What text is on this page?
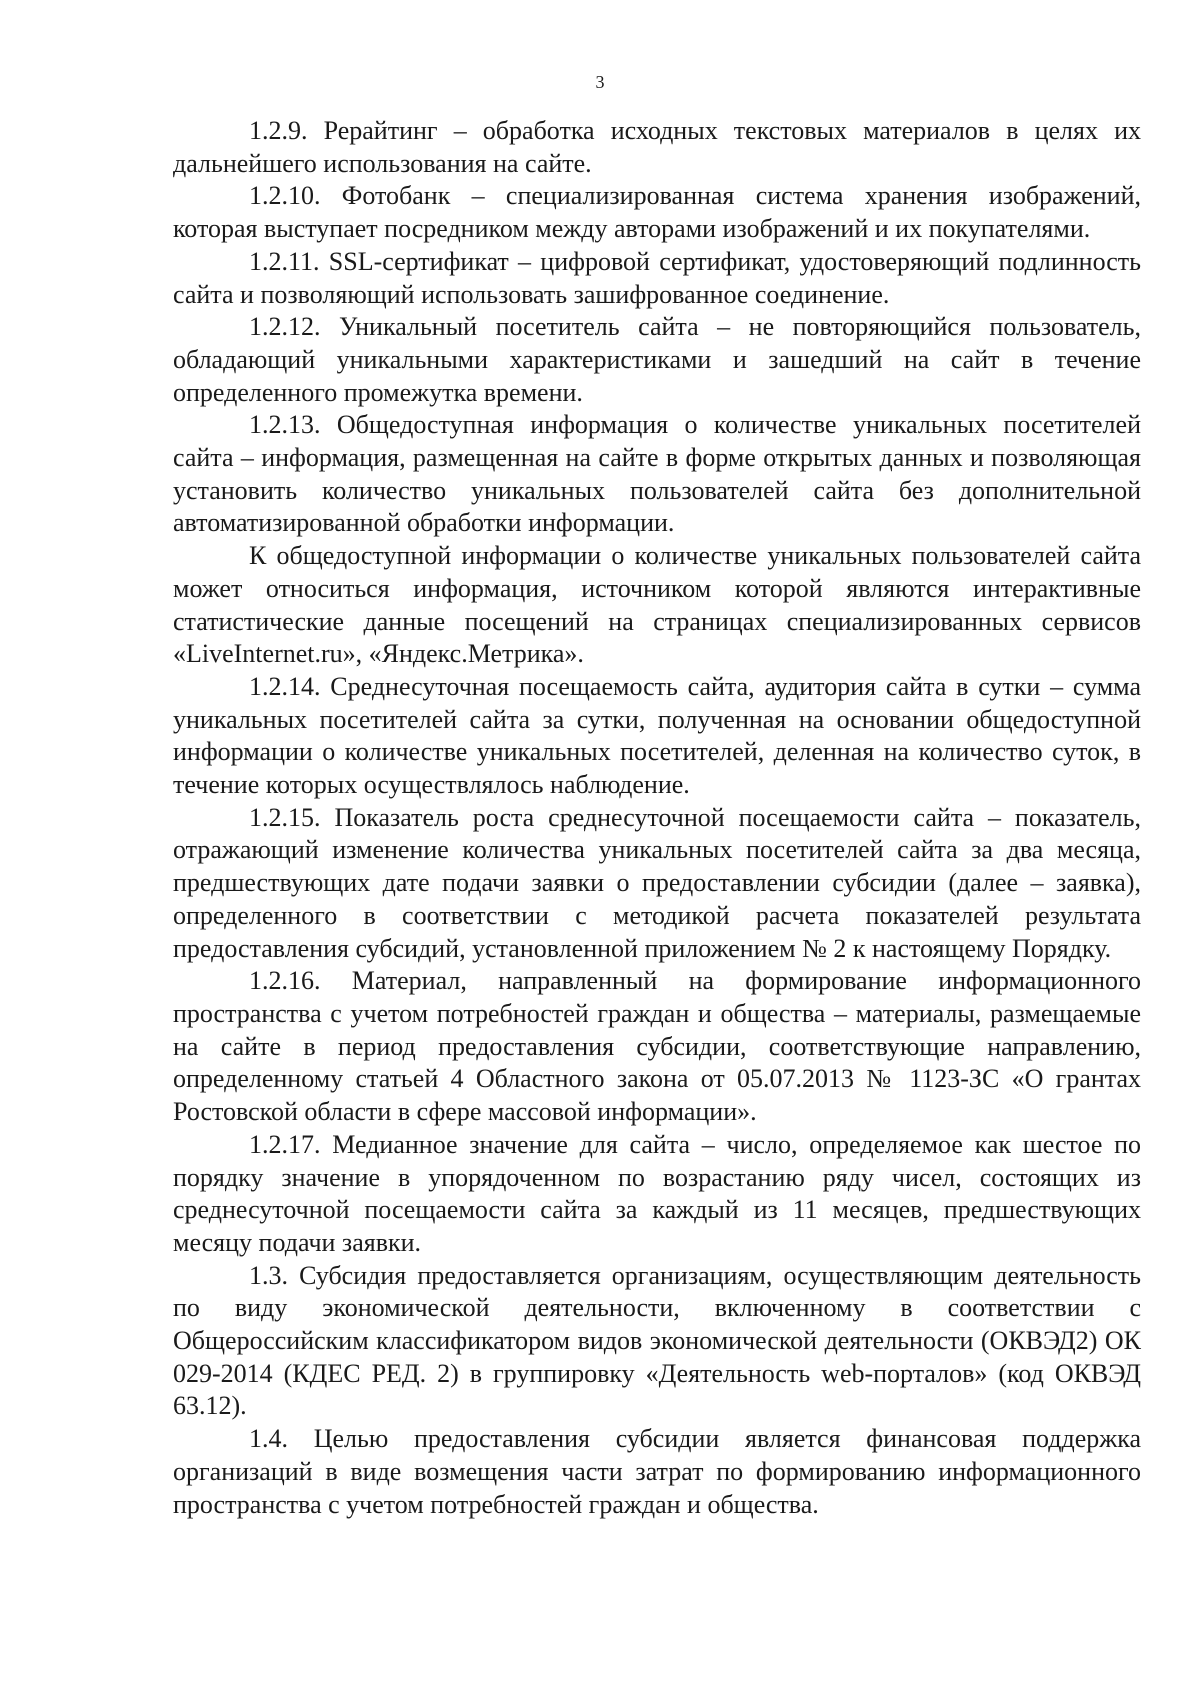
3

1.2.9. Рерайтинг – обработка исходных текстовых материалов в целях их дальнейшего использования на сайте.

1.2.10. Фотобанк – специализированная система хранения изображений, которая выступает посредником между авторами изображений и их покупателями.

1.2.11. SSL-сертификат – цифровой сертификат, удостоверяющий подлинность сайта и позволяющий использовать зашифрованное соединение.

1.2.12. Уникальный посетитель сайта – не повторяющийся пользователь, обладающий уникальными характеристиками и зашедший на сайт в течение определенного промежутка времени.

1.2.13. Общедоступная информация о количестве уникальных посетителей сайта – информация, размещенная на сайте в форме открытых данных и позволяющая установить количество уникальных пользователей сайта без дополнительной автоматизированной обработки информации.

К общедоступной информации о количестве уникальных пользователей сайта может относиться информация, источником которой являются интерактивные статистические данные посещений на страницах специализированных сервисов «LiveInternet.ru», «Яндекс.Метрика».

1.2.14. Среднесуточная посещаемость сайта, аудитория сайта в сутки – сумма уникальных посетителей сайта за сутки, полученная на основании общедоступной информации о количестве уникальных посетителей, деленная на количество суток, в течение которых осуществлялось наблюдение.

1.2.15. Показатель роста среднесуточной посещаемости сайта – показатель, отражающий изменение количества уникальных посетителей сайта за два месяца, предшествующих дате подачи заявки о предоставлении субсидии (далее – заявка), определенного в соответствии с методикой расчета показателей результата предоставления субсидий, установленной приложением № 2 к настоящему Порядку.

1.2.16. Материал, направленный на формирование информационного пространства с учетом потребностей граждан и общества – материалы, размещаемые на сайте в период предоставления субсидии, соответствующие направлению, определенному статьей 4 Областного закона от 05.07.2013 № 1123-ЗС «О грантах Ростовской области в сфере массовой информации».

1.2.17. Медианное значение для сайта – число, определяемое как шестое по порядку значение в упорядоченном по возрастанию ряду чисел, состоящих из среднесуточной посещаемости сайта за каждый из 11 месяцев, предшествующих месяцу подачи заявки.

1.3. Субсидия предоставляется организациям, осуществляющим деятельность по виду экономической деятельности, включенному в соответствии с Общероссийским классификатором видов экономической деятельности (ОКВЭД2) ОК 029-2014 (КДЕС РЕД. 2) в группировку «Деятельность web-порталов» (код ОКВЭД 63.12).

1.4. Целью предоставления субсидии является финансовая поддержка организаций в виде возмещения части затрат по формированию информационного пространства с учетом потребностей граждан и общества.
